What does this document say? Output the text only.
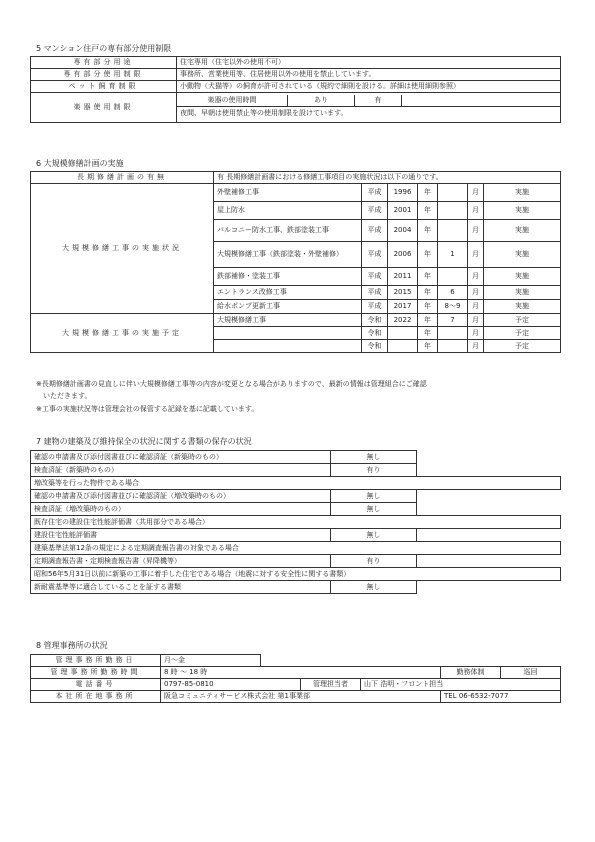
5 マンション住戸の専有部分使用制限
専有部分用途	住宅専用（住宅以外の使用不可）
専有部分使用制限	事務所、営業使用等、住居使用以外の使用を禁止しています。
ペット飼育制限	小動物（犬猫等）の飼育が許可されている（規約で細則を設ける。詳細は使用細則参照）
楽器使用制限	
楽器の使用時間	あり	有	
夜間、早朝は使用禁止等の使用制限を設けています。
6 大規模修繕計画の実施
長期修繕計画の有無	有 長期修繕計画書における修繕工事項目の実施状況は以下の通りです。						
大規模修繕工事の実施状況	外壁補修工事	平成	1996	年		月	実施
	屋上防水	平成	2001	年		月	実施
	バルコニー防水工事、鉄部塗装工事	平成	2004	年		月	実施
	大規模修繕工事（鉄部塗装・外壁補修）	平成	2006	年	1	月	実施
	鉄部補修・塗装工事	平成	2011	年		月	実施
	エントランス改修工事	平成	2015	年	6	月	実施
	給水ポンプ更新工事	平成	2017	年	8〜9	月	実施
大規模修繕工事の実施予定	大規模修繕工事	令和	2022	年	7	月	予定
		令和		年		月	予定
		令和		年		月	予定
※長期修繕計画書の見直しに伴い大規模修繕工事等の内容が変更となる場合がありますので、最新の情報は管理組合にご確認
　いただきます。
※工事の実施状況等は管理会社の保管する記録を基に記載しています。
7 建物の建築及び維持保全の状況に関する書類の保存の状況
確認の申請書及び添付図書並びに確認済証（新築時のもの）	無し	
検査済証（新築時のもの）	有り	
増改築等を行った物件である場合		
確認の申請書及び添付図書並びに確認済証（増改築時のもの）	無し	
検査済証（増改築時のもの）	無し	
既存住宅の建設住宅性能評価書（共用部分である場合）		
建設住宅性能評価書	無し	
建築基準法第12条の規定による定期調査報告書の対象である場合		
定期調査報告書・定期検査報告書（昇降機等）	有り	
昭和56年5月31日以前に新築の工事に着手した住宅である場合（地震に対する安全性に関する書類）		
新耐震基準等に適合していることを証する書類	無し	
8 管理事務所の状況
管理事務所勤務日	月〜金					
管理事務所勤務時間	8 時 〜 18 時				勤務体制	巡回
電話番号	0797-85-0810		管理担当者	山下 浩明・フロント担当		
本社所在地事務所	阪急コミュニティサービス株式会社 第1事業部				TEL 06-6532-7077	
